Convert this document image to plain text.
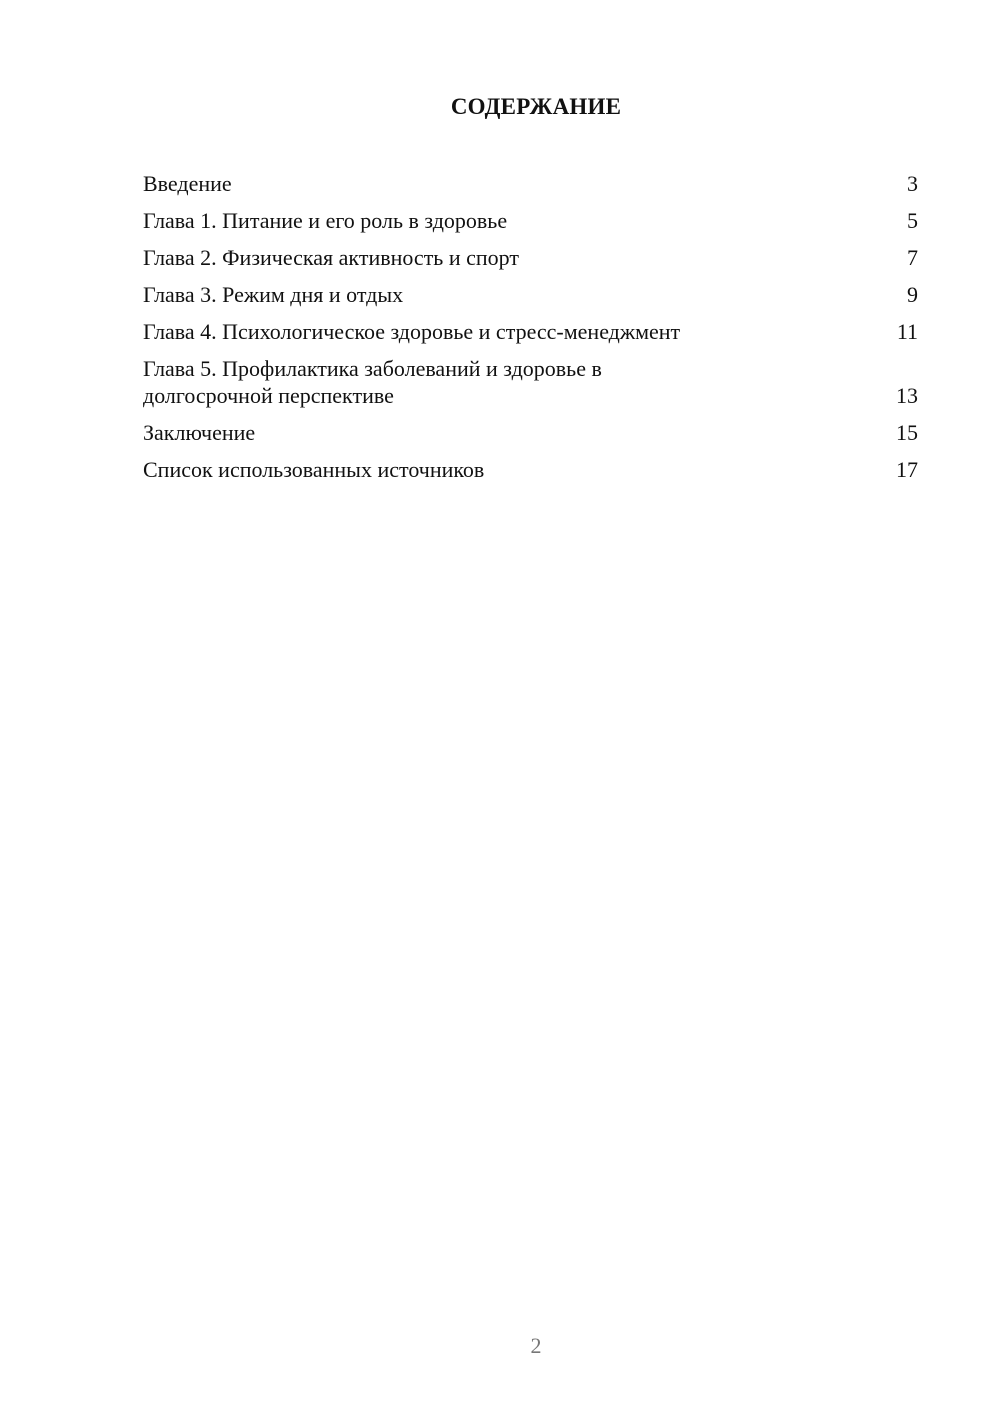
СОДЕРЖАНИЕ
Введение	3
Глава 1. Питание и его роль в здоровье	5
Глава 2. Физическая активность и спорт	7
Глава 3. Режим дня и отдых	9
Глава 4. Психологическое здоровье и стресс-менеджмент	11
Глава 5. Профилактика заболеваний и здоровье в долгосрочной перспективе	13
Заключение	15
Список использованных источников	17
2
